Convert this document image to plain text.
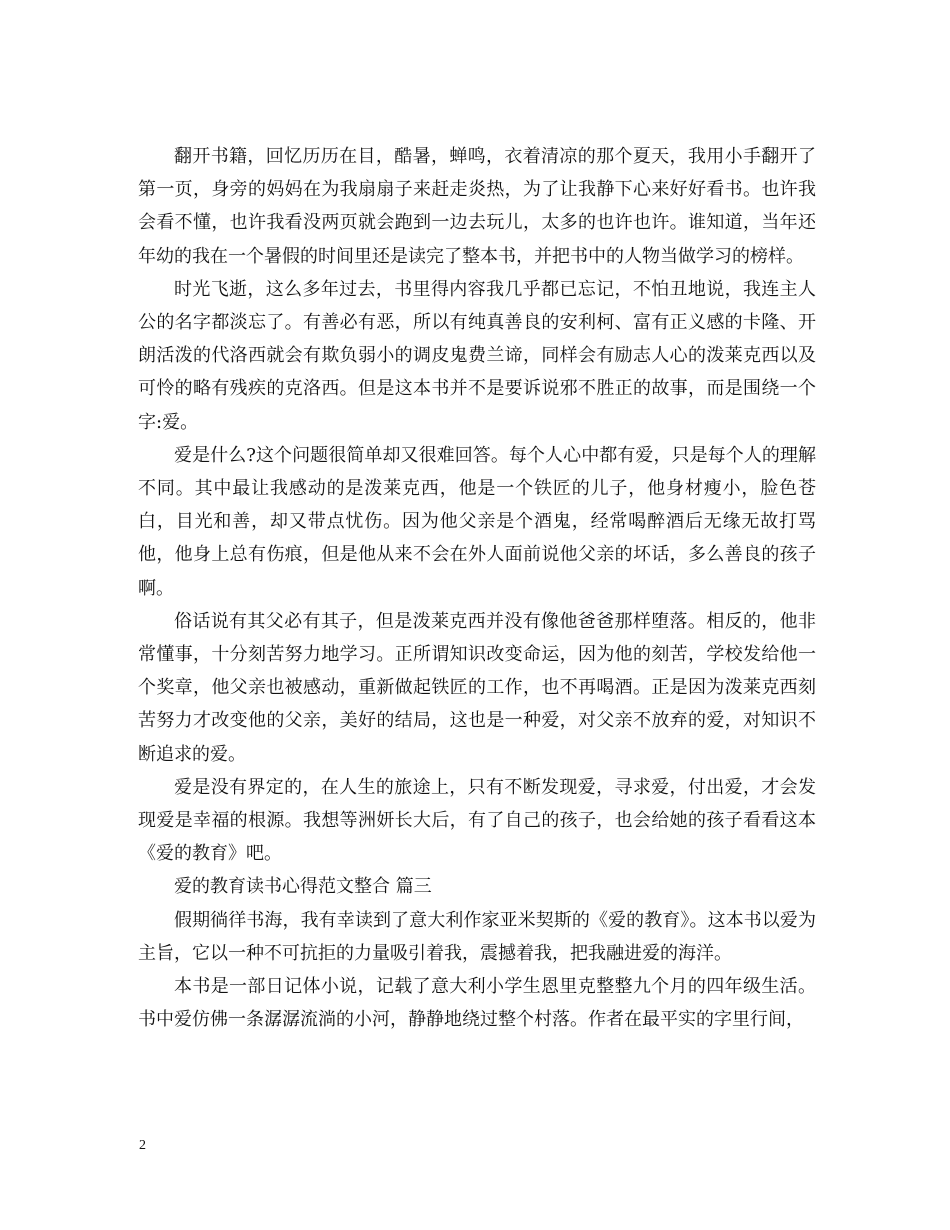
翻开书籍，回忆历历在目，酷暑，蝉鸣，衣着清凉的那个夏天，我用小手翻开了第一页，身旁的妈妈在为我扇扇子来赶走炎热，为了让我静下心来好好看书。也许我会看不懂，也许我看没两页就会跑到一边去玩儿，太多的也许也许。谁知道，当年还年幼的我在一个暑假的时间里还是读完了整本书，并把书中的人物当做学习的榜样。

时光飞逝，这么多年过去，书里得内容我几乎都已忘记，不怕丑地说，我连主人公的名字都淡忘了。有善必有恶，所以有纯真善良的安利柯、富有正义感的卡隆、开朗活泼的代洛西就会有欺负弱小的调皮鬼费兰谛，同样会有励志人心的泼莱克西以及可怜的略有残疾的克洛西。但是这本书并不是要诉说邪不胜正的故事，而是围绕一个字:爱。

爱是什么?这个问题很简单却又很难回答。每个人心中都有爱，只是每个人的理解不同。其中最让我感动的是泼莱克西，他是一个铁匠的儿子，他身材瘦小，脸色苍白，目光和善，却又带点忧伤。因为他父亲是个酒鬼，经常喝醉酒后无缘无故打骂他，他身上总有伤痕，但是他从来不会在外人面前说他父亲的坏话，多么善良的孩子啊。

俗话说有其父必有其子，但是泼莱克西并没有像他爸爸那样堕落。相反的，他非常懂事，十分刻苦努力地学习。正所谓知识改变命运，因为他的刻苦，学校发给他一个奖章，他父亲也被感动，重新做起铁匠的工作，也不再喝酒。正是因为泼莱克西刻苦努力才改变他的父亲，美好的结局，这也是一种爱，对父亲不放弃的爱，对知识不断追求的爱。

爱是没有界定的，在人生的旅途上，只有不断发现爱，寻求爱，付出爱，才会发现爱是幸福的根源。我想等洲妍长大后，有了自己的孩子，也会给她的孩子看看这本《爱的教育》吧。

爱的教育读书心得范文整合 篇三

假期徜徉书海，我有幸读到了意大利作家亚米契斯的《爱的教育》。这本书以爱为主旨，它以一种不可抗拒的力量吸引着我，震撼着我，把我融进爱的海洋。

本书是一部日记体小说，记载了意大利小学生恩里克整整九个月的四年级生活。书中爱仿佛一条潺潺流淌的小河，静静地绕过整个村落。作者在最平实的字里行间，

2
